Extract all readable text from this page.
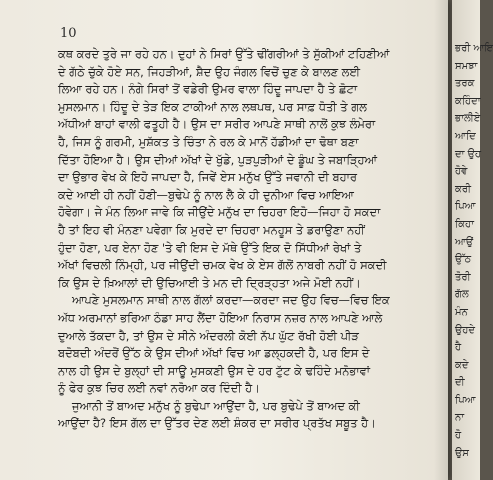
10
ਕਥ ਕਰਦੇ ਤੁਰੇ ਜਾ ਰਹੇ ਹਨ। ਦੁਹਾਂ ਨੇ ਸਿਰਾਂ ਉੱਤੇ ਢੀਂਗਰੀਆਂ ਤੇ ਸੁੱਕੀਆਂ ਟਹਿਣੀਆਂ
ਦੇ ਗੱਠੇ ਚੁੱਕੇ ਹੋਏ ਸਨ, ਜਿਹੜੀਆਂ, ਸ਼ੈਦ ਉਹ ਜੰਗਲ ਵਿਚੋਂ ਚੁਣ ਕੇ ਬਾਲਣ ਲਈ
ਲਿਆ ਰਹੇ ਹਨ। ਨੰਗੇ ਸਿਰਾਂ ਤੋਂ ਵਡੇਰੀ ਉਮਰ ਵਾਲਾ ਹਿੰਦੂ ਜਾਪਦਾ ਹੈ ਤੇ ਛੋਟਾ
ਮੁਸਲਮਾਨ। ਹਿੰਦੂ ਦੇ ਤੇੜ ਇਕ ਟਾਕੀਆਂ ਨਾਲ ਲਥਪਥ, ਪਰ ਸਾਫ਼ ਧੋਤੀ ਤੇ ਗਲ
ਅੱਧੀਆਂ ਬਾਹਾਂ ਵਾਲੀ ਫਤੂਹੀ ਹੈ। ਉਸ ਦਾ ਸਰੀਰ ਆਪਣੇ ਸਾਥੀ ਨਾਲੋਂ ਕੁਝ ਲੰਮੇਰਾ
ਹੈ, ਜਿਸ ਨੂੰ ਗਰਮੀ, ਮੁਸ਼ੱਕਤ ਤੇ ਚਿੰਤਾ ਨੇ ਰਲ ਕੇ ਮਾਨੋਂ ਹੱਡੀਆਂ ਦਾ ਢੋਥਾ ਬਣਾ
ਦਿੱਤਾ ਹੋਇਆ ਹੈ। ਉਸ ਦੀਆਂ ਅੱਖਾਂ ਦੇ ਖੁੱਡੇ, ਪੁੜਪੁੜੀਆਂ ਦੇ ਡੂੰਘ ਤੇ ਜਬਾੜ੍ਹਿਆਂ
ਦਾ ਉਭਾਰ ਵੇਖ ਕੇ ਇਹੋ ਜਾਪਦਾ ਹੈ, ਜਿਵੇਂ ਏਸ ਮਨੁੱਖ ਉੱਤੇ ਜਵਾਨੀ ਦੀ ਬਹਾਰ
ਕਦੇ ਆਈ ਹੀ ਨਹੀਂ ਹੋਣੀ—ਬੁਢੇਪੇ ਨੂੰ ਨਾਲ ਲੈ ਕੇ ਹੀ ਦੁਨੀਆ ਵਿਚ ਆਇਆ
ਹੋਵੇਗਾ। ਜੇ ਮੰਨ ਲਿਆ ਜਾਵੇ ਕਿ ਜੀਉਂਦੇ ਮਨੁੱਖ ਦਾ ਚਿਹਰਾ ਇਹੋ—ਜਿਹਾ ਹੋ ਸਕਦਾ
ਹੈ ਤਾਂ ਇਹ ਵੀ ਮੰਨਣਾ ਪਵੇਗਾ ਕਿ ਮੁਰਦੇ ਦਾ ਚਿਹਰਾ ਮਨਹੂਸ ਤੇ ਡਰਾਉਣਾ ਨਹੀਂ
ਹੁੰਦਾ ਹੋਣਾ, ਪਰ ਏਨਾ ਹੋਣ 'ਤੇ ਵੀ ਇਸ ਦੇ ਮੱਥੇ ਉੱਤੇ ਇਕ ਦੋ ਸਿੱਧੀਆਂ ਰੇਖਾਂ ਤੇ
ਅੱਖਾਂ ਵਿਚਲੀ ਨਿੰਮ੍ਹੀ, ਪਰ ਜੀਉਂਦੀ ਚਮਕ ਵੇਖ ਕੇ ਏਸ ਗੱਲੋਂ ਨਾਬਰੀ ਨਹੀਂ ਹੋ ਸਕਦੀ
ਕਿ ਉਸ ਦੇ ਖ਼ਿਆਲਾਂ ਦੀ ਉਚਿਆਈ ਤੇ ਮਨ ਦੀ ਦ੍ਰਿੜ੍ਹਤਾ ਅਜੇ ਮੋਈ ਨਹੀਂ।
ਆਪਣੇ ਮੁਸਲਮਾਨ ਸਾਥੀ ਨਾਲ ਗੱਲਾਂ ਕਰਦਾ—ਕਰਦਾ ਜਦ ਉਹ ਵਿਚ—ਵਿਚ ਇਕ
ਅੱਧ ਅਰਮਾਨਾਂ ਭਰਿਆ ਠੰਡਾ ਸਾਹ ਲੈਂਦਾ ਹੋਇਆ ਨਿਰਾਸ ਨਜ਼ਰ ਨਾਲ ਆਪਣੇ ਆਲੇ
ਦੁਆਲੇ ਤੱਕਦਾ ਹੈ, ਤਾਂ ਉਸ ਦੇ ਸੀਨੇ ਅੰਦਰਲੀ ਕੋਈ ਨੱਪ ਘੁੱਟ ਰੱਖੀ ਹੋਈ ਪੀੜ
ਬਦੋਬਦੀ ਅੰਦਰੋਂ ਉੱਠ ਕੇ ਉਸ ਦੀਆਂ ਅੱਖਾਂ ਵਿਚ ਆ ਡਲ੍ਹਕਦੀ ਹੈ, ਪਰ ਇਸ ਦੇ
ਨਾਲ ਹੀ ਉਸ ਦੇ ਬੁਲ੍ਹਾਂ ਦੀ ਸਾਊ ਮੁਸਕਣੀ ਉਸ ਦੇ ਹਰ ਟੁੱਟ ਕੇ ਢਹਿੰਦੇ ਮਨੋਭਾਵਾਂ
ਨੂੰ ਫੇਰ ਕੁਝ ਚਿਰ ਲਈ ਨਵਾਂ ਨਰੋਆ ਕਰ ਦਿੰਦੀ ਹੈ।
ਜੁਆਨੀ ਤੋਂ ਬਾਅਦ ਮਨੁੱਖ ਨੂੰ ਬੁਢੇਪਾ ਆਉਂਦਾ ਹੈ, ਪਰ ਬੁਢੇਪੇ ਤੋਂ ਬਾਅਦ ਕੀ
ਆਉਂਦਾ ਹੈ? ਇਸ ਗੱਲ ਦਾ ਉੱਤਰ ਦੇਣ ਲਈ ਸ਼ੰਕਰ ਦਾ ਸਰੀਰ ਪ੍ਰਤੱਖ ਸਬੂਤ ਹੈ।
ਭਰੀ ਆਇ
ਸਮਝਾ
ਤਰਕ
ਕਹਿੰਦਾ
ਭਾਲੀਏ
ਆਦਿ
ਦਾ ਉਹ
ਹੋਵੇ
ਕਰੀ
ਪਿਆ
ਕਿਹਾ
ਆਉਂ
ਉੱਠ
ਤੋਰੀ
ਗੱਲ
ਮੰਨ
ਉਹਦੇ
ਹੈ
ਕਦੇ
ਦੀ
ਪਿਆ
ਨਾ
ਹੋ
ਉਸ
